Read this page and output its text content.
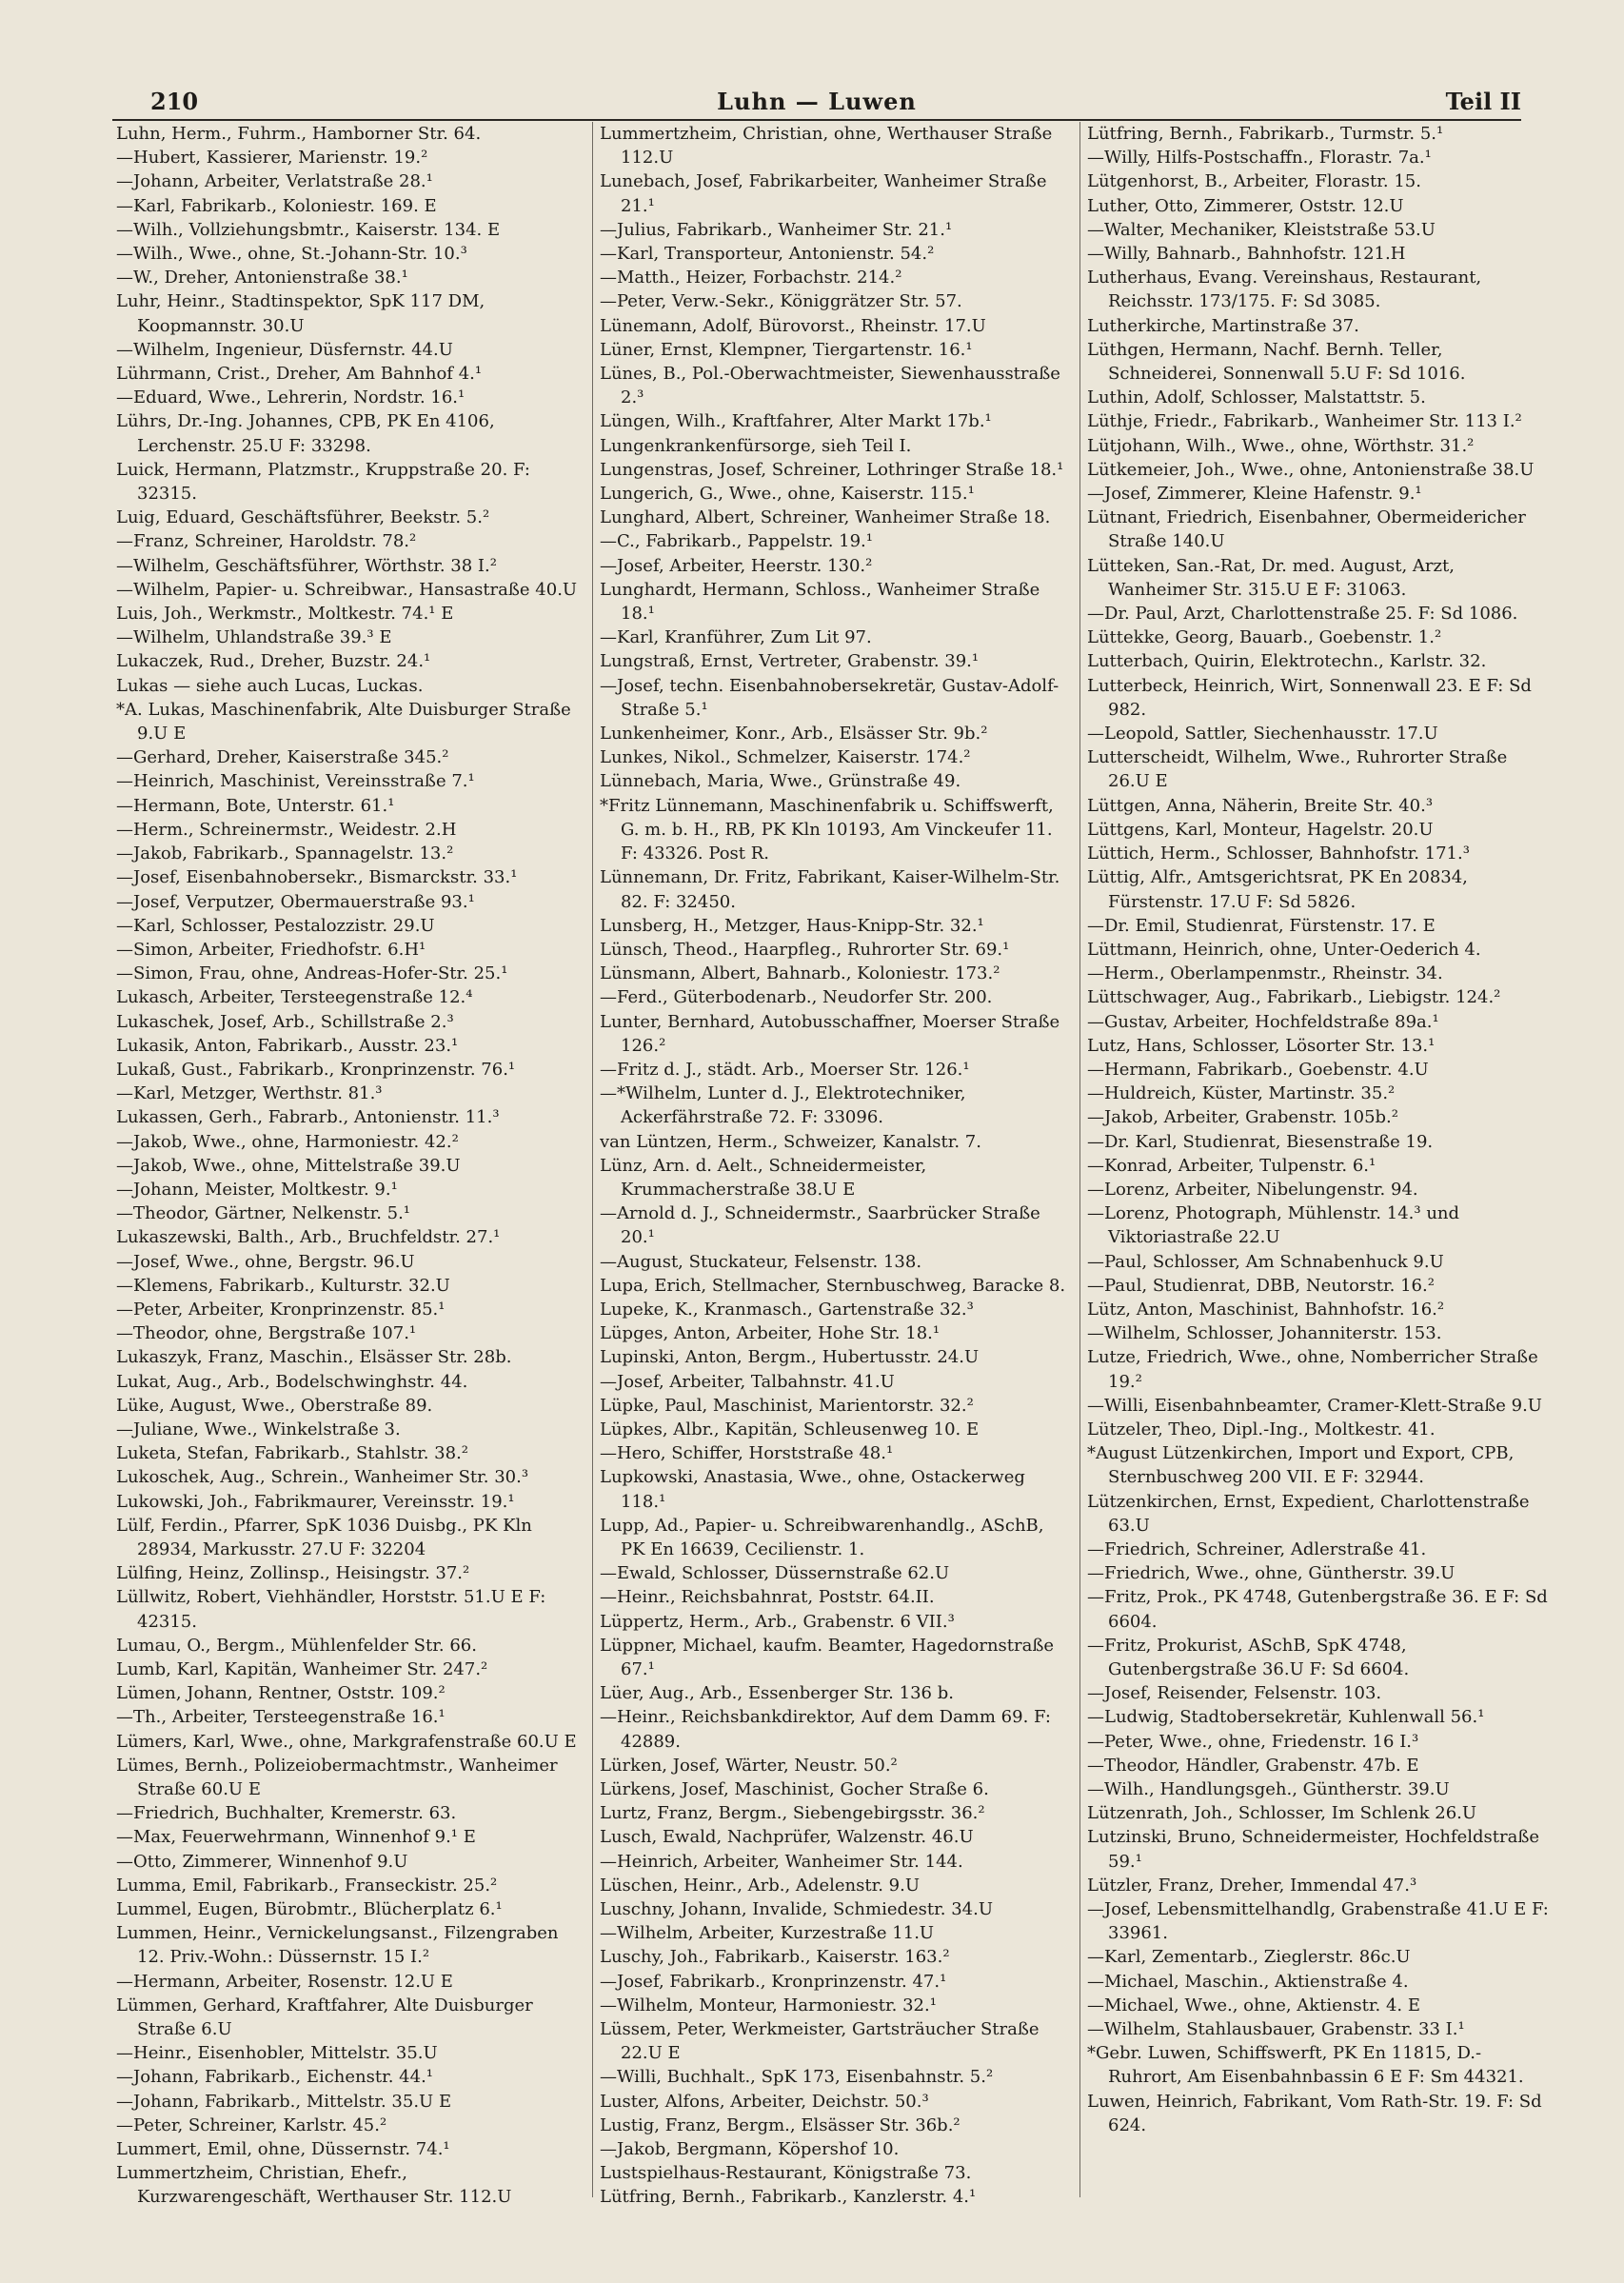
210	Luhn — Luwen	Teil II
Luhn, Herm., Fuhrm., Hamborner Str. 64.
—Hubert, Kassierer, Marienstr. 19.²
—Johann, Arbeiter, Verlatstraße 28.¹
—Karl, Fabrikarb., Koloniestr. 169. E
—Wilh., Vollziehungsbmtr., Kaiserstr. 134. E
—Wilh., Wwe., ohne, St.-Johann-Str. 10.³
—W., Dreher, Antonienstraße 38.¹
Luhr, Heinr., Stadtinspektor, SpK 117 DM, Koopmannstr. 30.U
—Wilhelm, Ingenieur, Düsfernstr. 44.U
Lührmann, Crist., Dreher, Am Bahnhof 4.¹
—Eduard, Wwe., Lehrerin, Nordstr. 16.¹
Lührs, Dr.-Ing. Johannes, CPB, PK En 4106, Lerchenstr. 25.U F: 33298.
Luick, Hermann, Platzmstr., Kruppstraße 20. F: 32315.
Luig, Eduard, Geschäftsführer, Beekstr. 5.²
—Franz, Schreiner, Haroldstr. 78.²
—Wilhelm, Geschäftsführer, Wörthstr. 38 I.²
—Wilhelm, Papier- u. Schreibwar., Hansastraße 40.U
Luis, Joh., Werkmstr., Moltkestr. 74.¹ E
—Wilhelm, Uhlandstraße 39.³ E
Lukaczek, Rud., Dreher, Buzstr. 24.¹
Lukas — siehe auch Lucas, Luckas.
*A. Lukas, Maschinenfabrik, Alte Duisburger Straße 9.U E
—Gerhard, Dreher, Kaiserstraße 345.²
—Heinrich, Maschinist, Vereinsstraße 7.¹
—Hermann, Bote, Unterstr. 61.¹
—Herm., Schreinermstr., Weidestr. 2.H
—Jakob, Fabrikarb., Spannagelstr. 13.²
—Josef, Eisenbahnobersekr., Bismarckstr. 33.¹
—Josef, Verputzer, Obermauerstraße 93.¹
—Karl, Schlosser, Pestalozzistr. 29.U
—Simon, Arbeiter, Friedhofstr. 6.H¹
—Simon, Frau, ohne, Andreas-Hofer-Str. 25.¹
Lukasch, Arbeiter, Tersteegenstraße 12.⁴
Lukaschek, Josef, Arb., Schillstraße 2.³
Lukasik, Anton, Fabrikarb., Ausstr. 23.¹
Lukaß, Gust., Fabrikarb., Kronprinzenstr. 76.¹
—Karl, Metzger, Werthstr. 81.³
Lukassen, Gerh., Fabrarb., Antonienstr. 11.³
—Jakob, Wwe., ohne, Harmoniestr. 42.²
—Jakob, Wwe., ohne, Mittelstraße 39.U
—Johann, Meister, Moltkestr. 9.¹
—Theodor, Gärtner, Nelkenstr. 5.¹
Lukaszewski, Balth., Arb., Bruchfeldstr. 27.¹
—Josef, Wwe., ohne, Bergstr. 96.U
—Klemens, Fabrikarb., Kulturstr. 32.U
—Peter, Arbeiter, Kronprinzenstr. 85.¹
—Theodor, ohne, Bergstraße 107.¹
Lukaszyk, Franz, Maschin., Elsässer Str. 28b.
Lukat, Aug., Arb., Bodelschwinghstr. 44.
Lüke, August, Wwe., Oberstraße 89.
—Juliane, Wwe., Winkelstraße 3.
Luketa, Stefan, Fabrikarb., Stahlstr. 38.²
Lukoschek, Aug., Schrein., Wanheimer Str. 30.³
Lukowski, Joh., Fabrikmaurer, Vereinsstr. 19.¹
Lülf, Ferdin., Pfarrer, SpK 1036 Duisbg., PK Kln 28934, Markusstr. 27.U F: 32204
Lülfing, Heinz, Zollinsp., Heisingstr. 37.²
Lüllwitz, Robert, Viehhändler, Horststr. 51.U E F: 42315.
Lumau, O., Bergm., Mühlenfelder Str. 66.
Lumb, Karl, Kapitän, Wanheimer Str. 247.²
Lümen, Johann, Rentner, Oststr. 109.²
—Th., Arbeiter, Tersteegenstraße 16.¹
Lümers, Karl, Wwe., ohne, Markgrafenstraße 60.U E
Lümes, Bernh., Polizeiobermachtmstr., Wanheimer Straße 60.U E
—Friedrich, Buchhalter, Kremerstr. 63.
—Max, Feuerwehrmann, Winnenhof 9.¹ E
—Otto, Zimmerer, Winnenhof 9.U
Lumma, Emil, Fabrikarb., Franseckistr. 25.²
Lummel, Eugen, Bürobmtr., Blücherplatz 6.¹
Lummen, Heinr., Vernickelungsanst., Filzengraben 12. Priv.-Wohn.: Düssernstr. 15 I.²
—Hermann, Arbeiter, Rosenstr. 12.U E
Lümmen, Gerhard, Kraftfahrer, Alte Duisburger Straße 6.U
—Heinr., Eisenhobler, Mittelstr. 35.U
—Johann, Fabrikarb., Eichenstr. 44.¹
—Johann, Fabrikarb., Mittelstr. 35.U E
—Peter, Schreiner, Karlstr. 45.²
Lummert, Emil, ohne, Düssernstr. 74.¹
Lummertzheim, Christian, Ehefr., Kurzwarengeschäft, Werthauser Str. 112.U
Lummertzheim, Christian, ohne, Werthauser Straße 112.U
Lunebach, Josef, Fabrikarbeiter, Wanheimer Straße 21.¹
—Julius, Fabrikarb., Wanheimer Str. 21.¹
—Karl, Transporteur, Antonienstr. 54.²
—Matth., Heizer, Forbachstr. 214.²
—Peter, Verw.-Sekr., Königgrätzer Str. 57.
Lünemann, Adolf, Bürovorst., Rheinstr. 17.U
Lüner, Ernst, Klempner, Tiergartenstr. 16.¹
Lünes, B., Pol.-Oberwachtmeister, Siewenhausstraße 2.³
Lüngen, Wilh., Kraftfahrer, Alter Markt 17b.¹
Lungenkrankenfürsorge, sieh Teil I.
Lungenstras, Josef, Schreiner, Lothringer Straße 18.¹
Lungerich, G., Wwe., ohne, Kaiserstr. 115.¹
Lunghard, Albert, Schreiner, Wanheimer Straße 18.
—C., Fabrikarb., Pappelstr. 19.¹
—Josef, Arbeiter, Heerstr. 130.²
Lunghardt, Hermann, Schloss., Wanheimer Straße 18.¹
—Karl, Kranführer, Zum Lit 97.
Lungstraß, Ernst, Vertreter, Grabenstr. 39.¹
—Josef, techn. Eisenbahnobersekretär, Gustav-Adolf-Straße 5.¹
Lunkenheimer, Konr., Arb., Elsässer Str. 9b.²
Lunkes, Nikol., Schmelzer, Kaiserstr. 174.²
Lünnebach, Maria, Wwe., Grünstraße 49.
*Fritz Lünnemann, Maschinenfabrik u. Schiffswerft, G. m. b. H., RB, PK Kln 10193, Am Vinckeufer 11. F: 43326. Post R.
Lünnemann, Dr. Fritz, Fabrikant, Kaiser-Wilhelm-Str. 82. F: 32450.
Lunsberg, H., Metzger, Haus-Knipp-Str. 32.¹
Lünsch, Theod., Haarpfleg., Ruhrorter Str. 69.¹
Lünsmann, Albert, Bahnarb., Koloniestr. 173.²
—Ferd., Güterbodenarb., Neudorfer Str. 200.
Lunter, Bernhard, Autobusschaffner, Moerser Straße 126.²
—Fritz d. J., städt. Arb., Moerser Str. 126.¹
—*Wilhelm, Lunter d. J., Elektrotechniker, Ackerfährstraße 72. F: 33096.
van Lüntzen, Herm., Schweizer, Kanalstr. 7.
Lünz, Arn. d. Aelt., Schneidermeister, Krummacherstraße 38.U E
—Arnold d. J., Schneidermstr., Saarbrücker Straße 20.¹
—August, Stuckateur, Felsenstr. 138.
Lupa, Erich, Stellmacher, Sternbuschweg, Baracke 8.
Lupeke, K., Kranmasch., Gartenstraße 32.³
Lüpges, Anton, Arbeiter, Hohe Str. 18.¹
Lupinski, Anton, Bergm., Hubertusstr. 24.U
—Josef, Arbeiter, Talbahnstr. 41.U
Lüpke, Paul, Maschinist, Marientorstr. 32.²
Lüpkes, Albr., Kapitän, Schleusenweg 10. E
—Hero, Schiffer, Horststraße 48.¹
Lupkowski, Anastasia, Wwe., ohne, Ostackerweg 118.¹
Lupp, Ad., Papier- u. Schreibwarenhandlg., ASchB, PK En 16639, Cecilienstr. 1.
—Ewald, Schlosser, Düssernstraße 62.U
—Heinr., Reichsbahnrat, Poststr. 64.II.
Lüppertz, Herm., Arb., Grabenstr. 6 VII.³
Lüppner, Michael, kaufm. Beamter, Hagedornstraße 67.¹
Lüer, Aug., Arb., Essenberger Str. 136 b.
—Heinr., Reichsbankdirektor, Auf dem Damm 69. F: 42889.
Lürken, Josef, Wärter, Neustr. 50.²
Lürkens, Josef, Maschinist, Gocher Straße 6.
Lurtz, Franz, Bergm., Siebengebirgsstr. 36.²
Lusch, Ewald, Nachprüfer, Walzenstr. 46.U
—Heinrich, Arbeiter, Wanheimer Str. 144.
Lüschen, Heinr., Arb., Adelenstr. 9.U
Luschny, Johann, Invalide, Schmiedestr. 34.U
—Wilhelm, Arbeiter, Kurzestraße 11.U
Luschy, Joh., Fabrikarb., Kaiserstr. 163.²
—Josef, Fabrikarb., Kronprinzenstr. 47.¹
—Wilhelm, Monteur, Harmoniestr. 32.¹
Lüssem, Peter, Werkmeister, Gartsträucher Straße 22.U E
—Willi, Buchhalt., SpK 173, Eisenbahnstr. 5.²
Luster, Alfons, Arbeiter, Deichstr. 50.³
Lustig, Franz, Bergm., Elsässer Str. 36b.²
—Jakob, Bergmann, Köpershof 10.
Lustspielhaus-Restaurant, Königstraße 73.
Lütfring, Bernh., Fabrikarb., Kanzlerstr. 4.¹
Lütfring, Bernh., Fabrikarb., Turmstr. 5.¹
—Willy, Hilfs-Postschaffn., Florastr. 7a.¹
Lütgenhorst, B., Arbeiter, Florastr. 15.
Luther, Otto, Zimmerer, Oststr. 12.U
—Walter, Mechaniker, Kleiststraße 53.U
—Willy, Bahnarb., Bahnhofstr. 121.H
Lutherhaus, Evang. Vereinshaus, Restaurant, Reichsstr. 173/175. F: Sd 3085.
Lutherkirche, Martinstraße 37.
Lüthgen, Hermann, Nachf. Bernh. Teller, Schneiderei, Sonnenwall 5.U F: Sd 1016.
Luthin, Adolf, Schlosser, Malstattstr. 5.
Lüthje, Friedr., Fabrikarb., Wanheimer Str. 113 I.²
Lütjohann, Wilh., Wwe., ohne, Wörthstr. 31.²
Lütkemeier, Joh., Wwe., ohne, Antonienstraße 38.U
—Josef, Zimmerer, Kleine Hafenstr. 9.¹
Lütnant, Friedrich, Eisenbahner, Obermeidericher Straße 140.U
Lütteken, San.-Rat, Dr. med. August, Arzt, Wanheimer Str. 315.U E F: 31063.
—Dr. Paul, Arzt, Charlottenstraße 25. F: Sd 1086.
Lüttekke, Georg, Bauarb., Goebenstr. 1.²
Lutterbach, Quirin, Elektrotechn., Karlstr. 32.
Lutterbeck, Heinrich, Wirt, Sonnenwall 23. E F: Sd 982.
—Leopold, Sattler, Siechenhausstr. 17.U
Lutterscheidt, Wilhelm, Wwe., Ruhrorter Straße 26.U E
Lüttgen, Anna, Näherin, Breite Str. 40.³
Lüttgens, Karl, Monteur, Hagelstr. 20.U
Lüttich, Herm., Schlosser, Bahnhofstr. 171.³
Lüttig, Alfr., Amtsgerichtsrat, PK En 20834, Fürstenstr. 17.U F: Sd 5826.
—Dr. Emil, Studienrat, Fürstenstr. 17. E
Lüttmann, Heinrich, ohne, Unter-Oederich 4.
—Herm., Oberlampenmstr., Rheinstr. 34.
Lüttschwager, Aug., Fabrikarb., Liebigstr. 124.²
—Gustav, Arbeiter, Hochfeldstraße 89a.¹
Lutz, Hans, Schlosser, Lösorter Str. 13.¹
—Hermann, Fabrikarb., Goebenstr. 4.U
—Huldreich, Küster, Martinstr. 35.²
—Jakob, Arbeiter, Grabenstr. 105b.²
—Dr. Karl, Studienrat, Biesenstraße 19.
—Konrad, Arbeiter, Tulpenstr. 6.¹
—Lorenz, Arbeiter, Nibelungenstr. 94.
—Lorenz, Photograph, Mühlenstr. 14.³ und Viktoriastraße 22.U
—Paul, Schlosser, Am Schnabenhuck 9.U
—Paul, Studienrat, DBB, Neutorstr. 16.²
Lütz, Anton, Maschinist, Bahnhofstr. 16.²
—Wilhelm, Schlosser, Johanniterstr. 153.
Lutze, Friedrich, Wwe., ohne, Nomberricher Straße 19.²
—Willi, Eisenbahnbeamter, Cramer-Klett-Straße 9.U
Lützeler, Theo, Dipl.-Ing., Moltkestr. 41.
*August Lützenkirchen, Import und Export, CPB, Sternbuschweg 200 VII. E F: 32944.
Lützenkirchen, Ernst, Expedient, Charlottenstraße 63.U
—Friedrich, Schreiner, Adlerstraße 41.
—Friedrich, Wwe., ohne, Güntherstr. 39.U
—Fritz, Prok., PK 4748, Gutenbergstraße 36. E F: Sd 6604.
—Fritz, Prokurist, ASchB, SpK 4748, Gutenbergstraße 36.U F: Sd 6604.
—Josef, Reisender, Felsenstr. 103.
—Ludwig, Stadtobersekretär, Kuhlenwall 56.¹
—Peter, Wwe., ohne, Friedenstr. 16 I.³
—Theodor, Händler, Grabenstr. 47b. E
—Wilh., Handlungsgeh., Güntherstr. 39.U
Lützenrath, Joh., Schlosser, Im Schlenk 26.U
Lutzinski, Bruno, Schneidermeister, Hochfeldstraße 59.¹
Lützler, Franz, Dreher, Immendal 47.³
—Josef, Lebensmittelhandlg, Grabenstraße 41.U E F: 33961.
—Karl, Zementarb., Zieglerstr. 86c.U
—Michael, Maschin., Aktienstraße 4.
—Michael, Wwe., ohne, Aktienstr. 4. E
—Wilhelm, Stahlausbauer, Grabenstr. 33 I.¹
*Gebr. Luwen, Schiffswerft, PK En 11815, D.-Ruhrort, Am Eisenbahnbassin 6 E F: Sm 44321.
Luwen, Heinrich, Fabrikant, Vom Rath-Str. 19. F: Sd 624.
